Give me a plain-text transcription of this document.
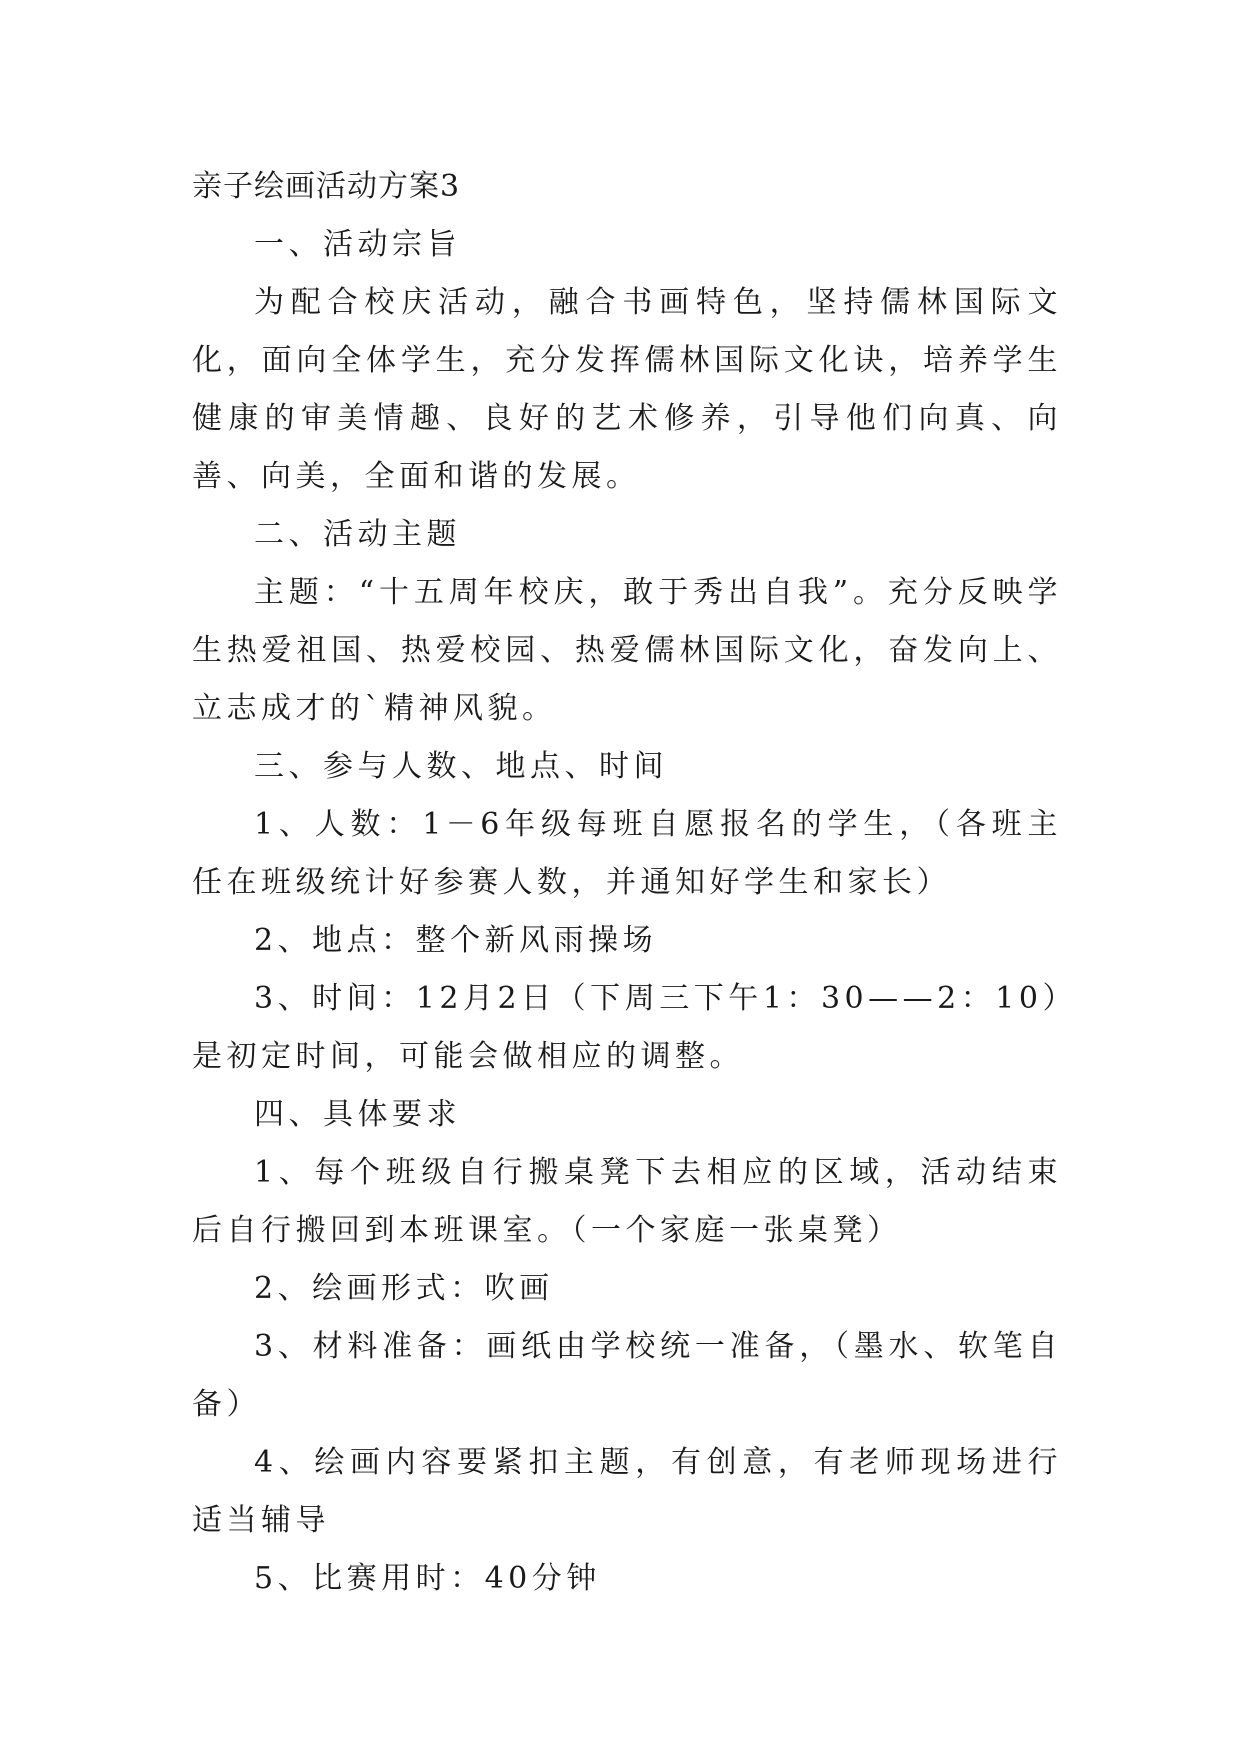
亲子绘画活动方案3

一、活动宗旨

为配合校庆活动，融合书画特色，坚持儒林国际文化，面向全体学生，充分发挥儒林国际文化诀，培养学生健康的审美情趣、良好的艺术修养，引导他们向真、向善、向美，全面和谐的发展。

二、活动主题

主题：“十五周年校庆，敢于秀出自我”。充分反映学生热爱祖国、热爱校园、热爱儒林国际文化，奋发向上、立志成才的`精神风貌。

三、参与人数、地点、时间

1、人数：1－6年级每班自愿报名的学生，（各班主任在班级统计好参赛人数，并通知好学生和家长）

2、地点：整个新风雨操场

3、时间：12月2日（下周三下午1：30——2：10）是初定时间，可能会做相应的调整。

四、具体要求

1、每个班级自行搬桌凳下去相应的区域，活动结束后自行搬回到本班课室。（一个家庭一张桌凳）

2、绘画形式：吹画

3、材料准备：画纸由学校统一准备，（墨水、软笔自备）

4、绘画内容要紧扣主题，有创意，有老师现场进行适当辅导

5、比赛用时：40分钟
